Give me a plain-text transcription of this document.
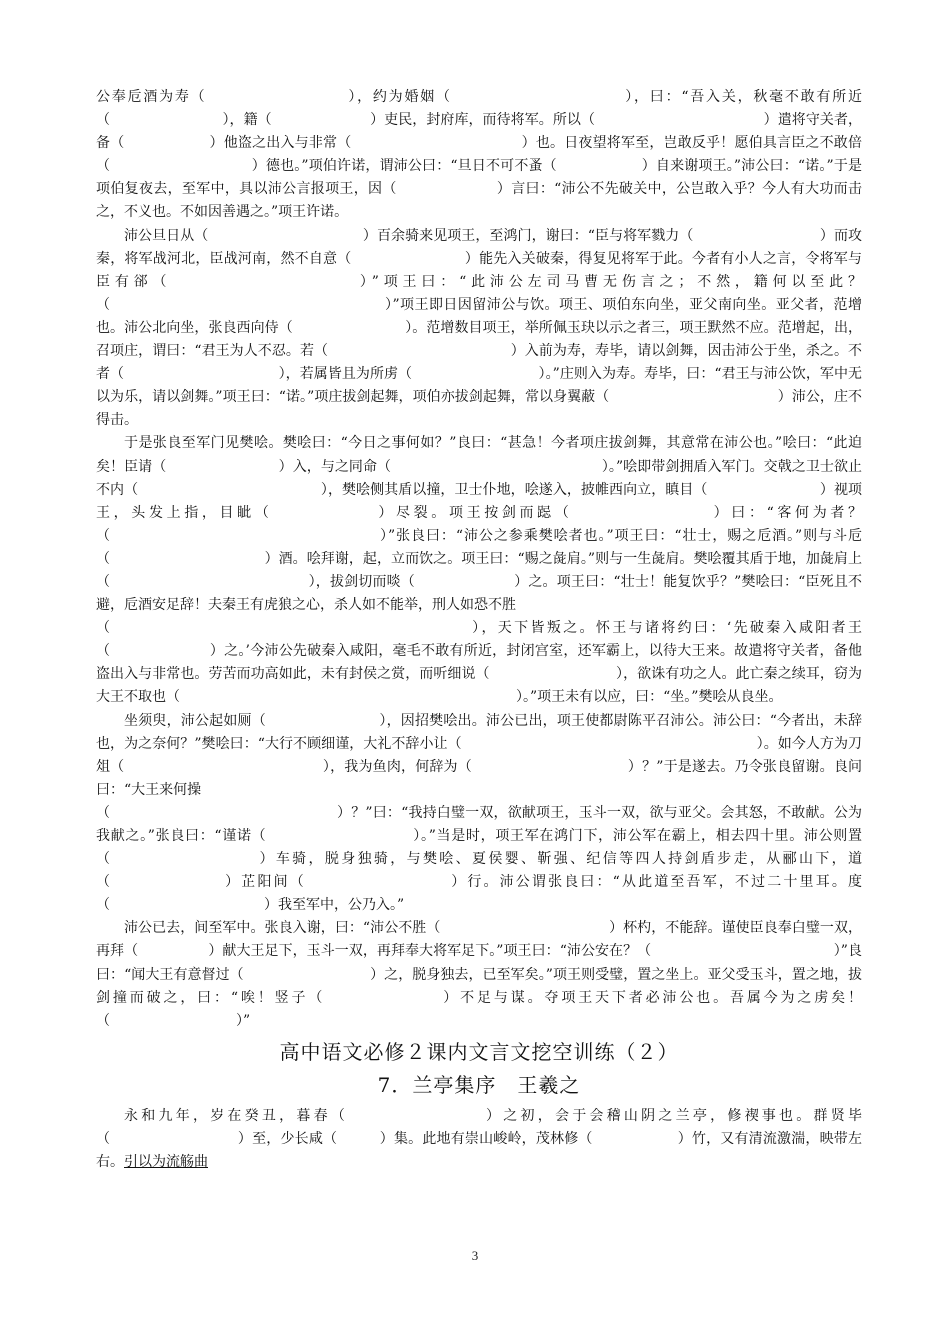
公奉卮酒为寿（　　　　　　　　　），约为婚姻（　　　　　　　　　　　），曰：“吾入关，秋毫不敢有所近（　　　　　　　　），籍（　　　　　　　）吏民，封府库，而待将军。所以（　　　　　　　　　　　　）遣将守关者，备（　　　　　　）他盗之出入与非常（　　　　　　　　　　　　）也。日夜望将军至，岂敢反乎！愿伯具言臣之不敢倍（　　　　　　　　　　）德也。”项伯许诺，谓沛公曰：“旦日不可不蚤（　　　　　　）自来谢项王。”沛公曰：“诺。”于是项伯复夜去，至军中，具以沛公言报项王，因（　　　　　　　）言曰：“沛公不先破关中，公岂敢入乎？今人有大功而击之，不义也。不如因善遇之。”项王许诺。

沛公旦日从（　　　　　　　　　　　）百余骑来见项王，至鸿门，谢曰：“臣与将军戮力（　　　　　　　　　）而攻秦，将军战河北，臣战河南，然不自意（　　　　　　　　）能先入关破秦，得复见将军于此。今者有小人之言，令将军与臣有郤（　　　　　　　　　　）”项王曰：“此沛公左司马曹无伤言之；不然，籍何以至此？（　　　　　　　　　　　　　　　　　　　）”项王即日因留沛公与饮。项王、项伯东向坐，亚父南向坐。亚父者，范增也。沛公北向坐，张良西向侍（　　　　　　　　）。范增数目项王，举所佩玉玦以示之者三，项王默然不应。范增起，出，召项庄，谓曰：“君王为人不忍。若（　　　　　　　　　　　　　）入前为寿，寿毕，请以剑舞，因击沛公于坐，杀之。不者（　　　　　　　　　　　），若属皆且为所虏（　　　　　　　　　）。”庄则入为寿。寿毕，曰：“君王与沛公饮，军中无以为乐，请以剑舞。”项王曰：“诺。”项庄拔剑起舞，项伯亦拔剑起舞，常以身翼蔽（　　　　　　　　　　　　）沛公，庄不得击。

于是张良至军门见樊哙。樊哙曰：“今日之事何如？”良曰：“甚急！今者项庄拔剑舞，其意常在沛公也。”哙曰：“此迫矣！臣请（　　　　　　　　）入，与之同命（　　　　　　　　　　　　　　　）。”哙即带剑拥盾入军门。交戟之卫士欲止不内（　　　　　　　　　　　　　），樊哙侧其盾以撞，卫士仆地，哙遂入，披帷西向立，瞋目（　　　　　　　　）视项王，头发上指，目眦（　　　　　　）尽裂。项王按剑而跽（　　　　　　　　）曰：“客何为者？（　　　　　　　　　　　　　　　　　　）”张良曰：“沛公之参乘樊哙者也。”项王曰：“壮士，赐之卮酒。”则与斗卮（　　　　　　　　　　　）酒。哙拜谢，起，立而饮之。项王曰：“赐之彘肩。”则与一生彘肩。樊哙覆其盾于地，加彘肩上（　　　　　　　　　　　　　　），拔剑切而啖（　　　　　　　）之。项王曰：“壮士！能复饮乎？”樊哙曰：“臣死且不避，卮酒安足辞！夫秦王有虎狼之心，杀人如不能举，刑人如恐不胜

（　　　　　　　　　　　　　　　　　　　　　　），天下皆叛之。怀王与诸将约曰：‘先破秦入咸阳者王（　　　　　　　）之。’今沛公先破秦入咸阳，毫毛不敢有所近，封闭宫室，还军霸上，以待大王来。故遣将守关者，备他盗出入与非常也。劳苦而功高如此，未有封侯之赏，而听细说（　　　　　　　　　），欲诛有功之人。此亡秦之续耳，窃为大王不取也（　　　　　　　　　　　　　　　　　　　　　　　　）。”项王未有以应，曰：“坐。”樊哙从良坐。

坐须臾，沛公起如厕（　　　　　　　　），因招樊哙出。沛公已出，项王使都尉陈平召沛公。沛公曰：“今者出，未辞也，为之奈何？”樊哙曰：“大行不顾细谨，大礼不辞小让（　　　　　　　　　　　　　　　　　　　　　）。如今人方为刀俎（　　　　　　　　　　　　　　），我为鱼肉，何辞为（　　　　　　　　　　　）？”于是遂去。乃令张良留谢。良问曰：“大王来何操

（　　　　　　　　　　　　　　　　）？”曰：“我持白璧一双，欲献项王，玉斗一双，欲与亚父。会其怒，不敢献。公为我献之。”张良曰：“谨诺（　　　　　　　　　　）。”当是时，项王军在鸿门下，沛公军在霸上，相去四十里。沛公则置（　　　　　　　　　）车骑，脱身独骑，与樊哙、夏侯婴、靳强、纪信等四人持剑盾步走，从郦山下，道（　　　　　　　）芷阳间（　　　　　　　　　）行。沛公谓张良曰：“从此道至吾军，不过二十里耳。度（　　　　　　　　　　　）我至军中，公乃入。”

沛公已去，间至军中。张良入谢，曰：“沛公不胜（　　　　　　　　　　　　）杯杓，不能辞。谨使臣良奉白璧一双，再拜（　　　　　）献大王足下，玉斗一双，再拜奉大将军足下。”项王曰：“沛公安在？（　　　　　　　　　　　　　）”良曰：“闻大王有意督过（　　　　　　　　　）之，脱身独去，已至军矣。”项王则受璧，置之坐上。亚父受玉斗，置之地，拔剑撞而破之，曰：“唉！竖子（　　　　　　　）不足与谋。夺项王天下者必沛公也。吾属今为之虏矣！（　　　　　　　　　）”

高中语文必修２课内文言文挖空训练（２）
7．兰亭集序　王羲之

永和九年，岁在癸丑，暮春（　　　　　　　　）之初，会于会稽山阴之兰亭，修禊事也。群贤毕（　　　　　　　　　）至，少长咸（　　　）集。此地有崇山峻岭，茂林修（　　　　　　）竹，又有清流激湍，映带左右。引以为流觞曲

3
